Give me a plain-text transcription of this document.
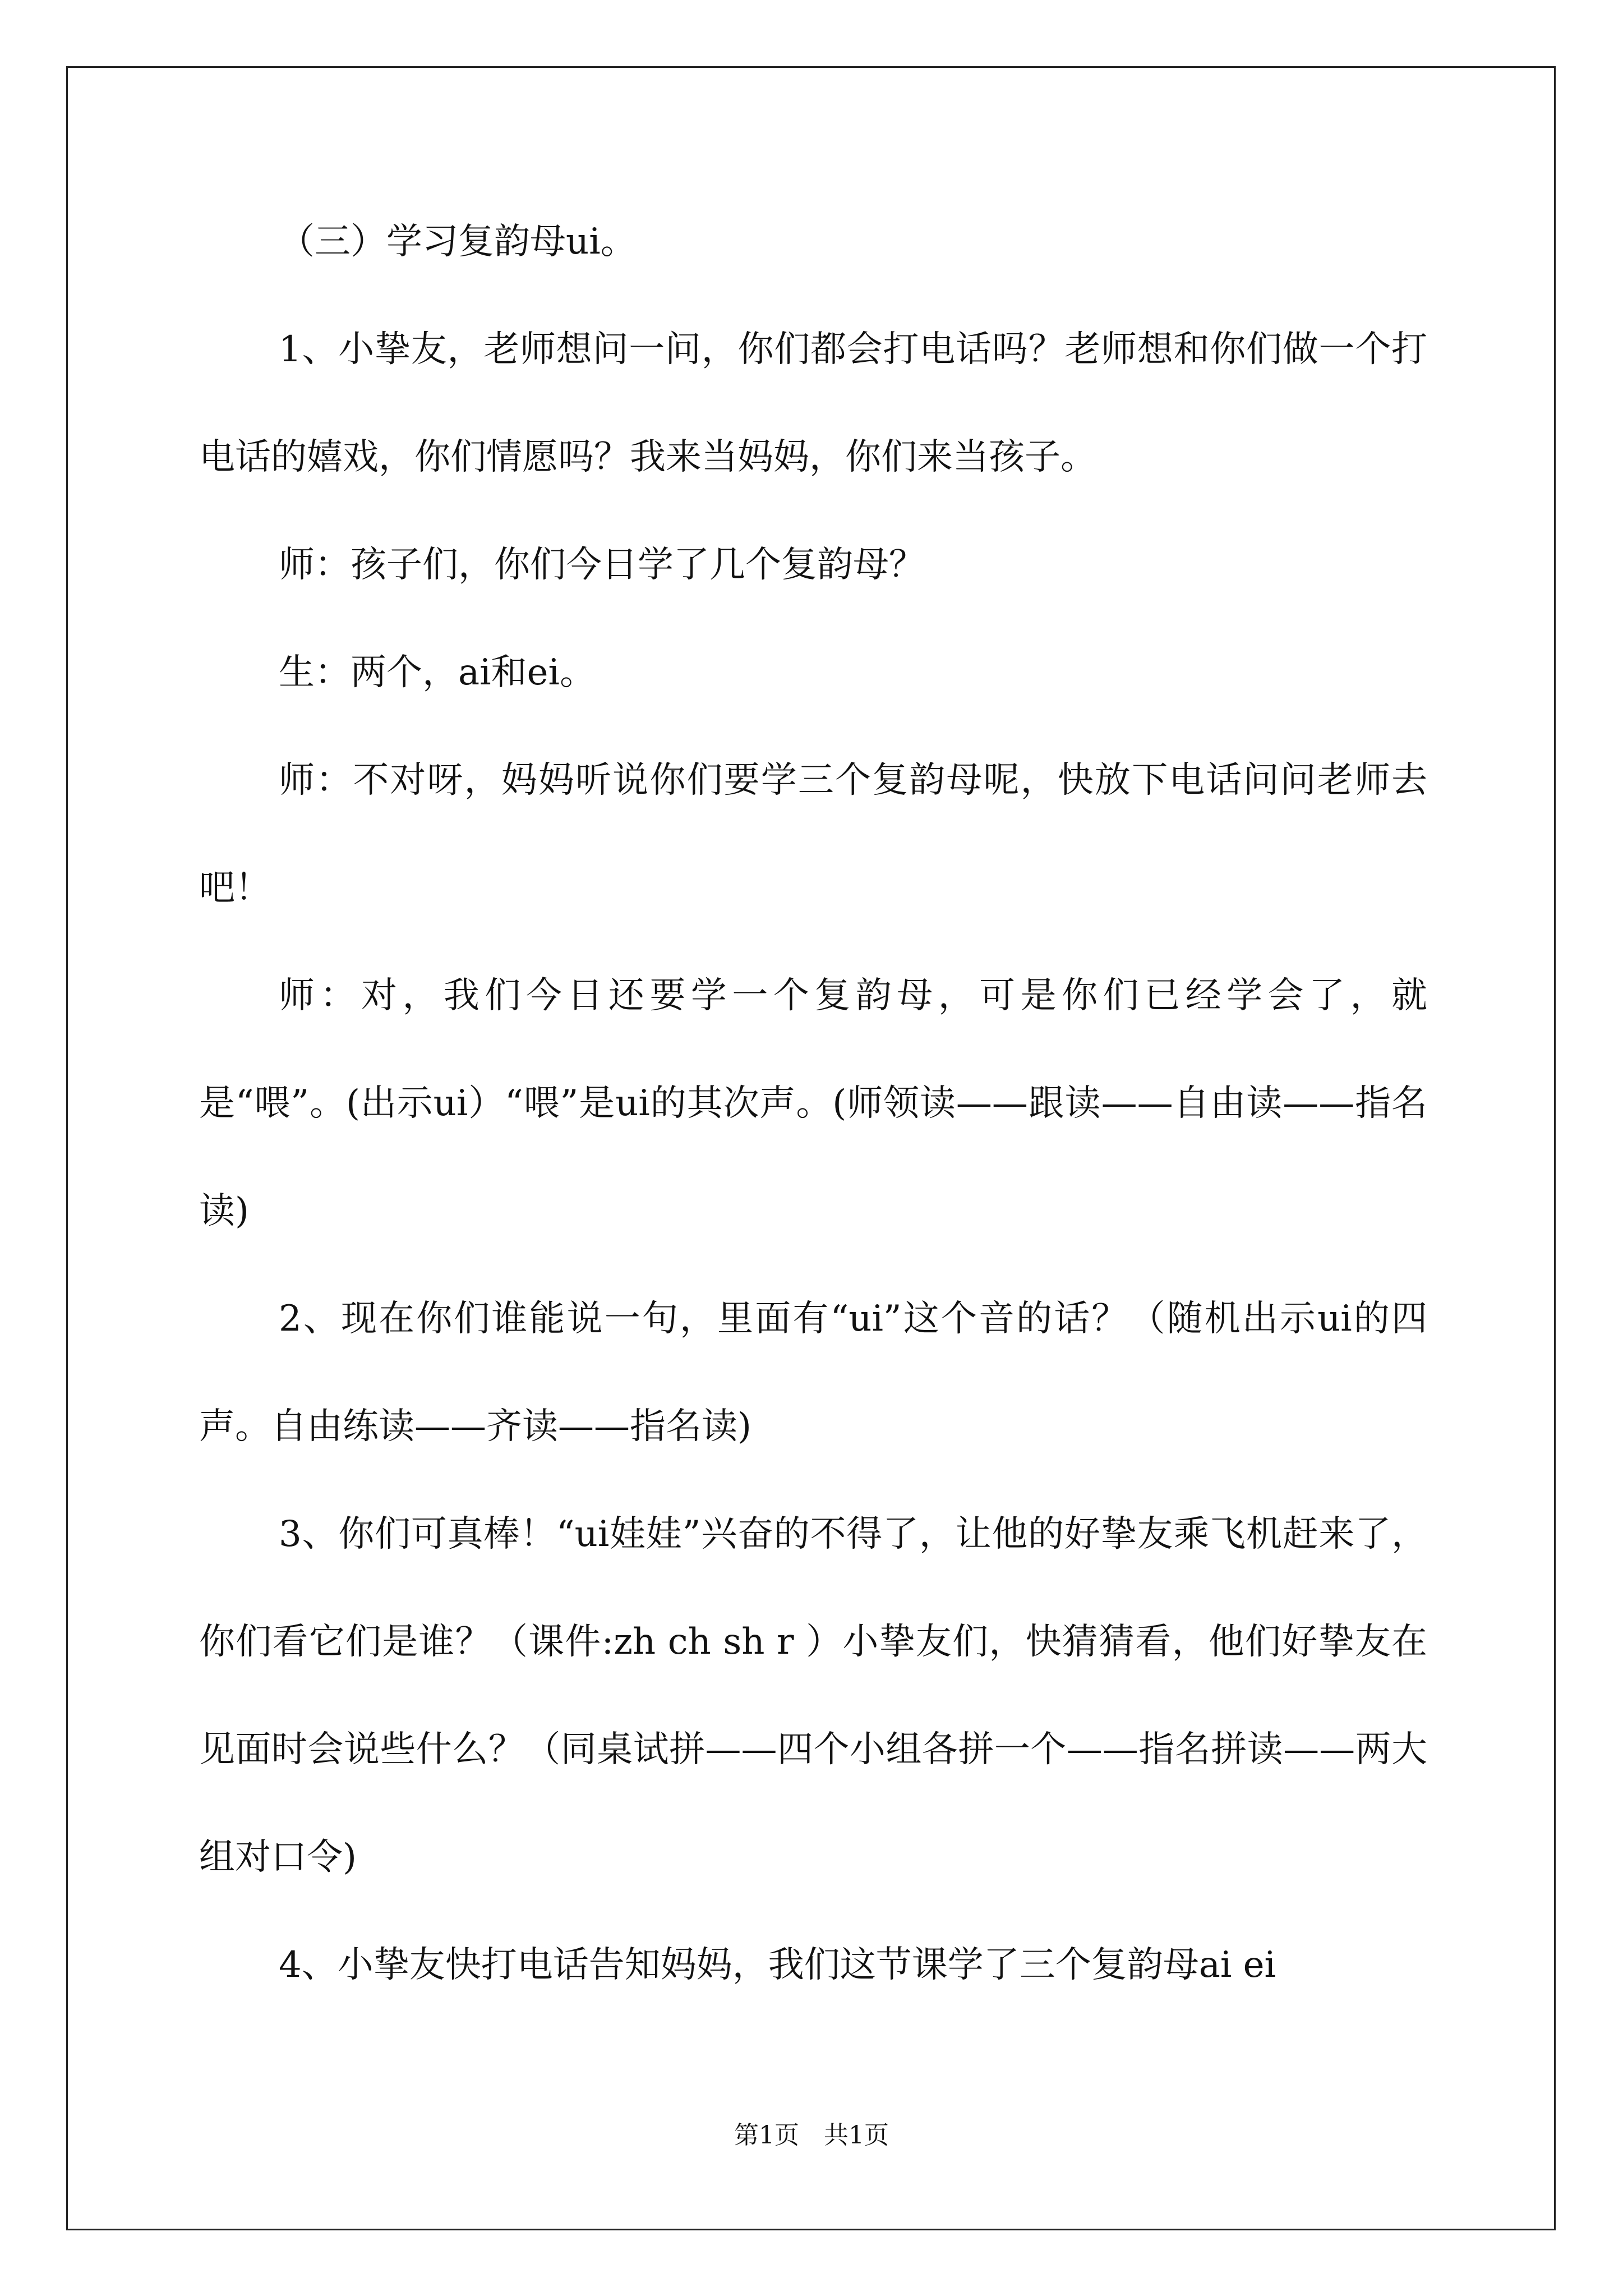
（三）学习复韵母ui。

1、小挚友，老师想问一问，你们都会打电话吗？老师想和你们做一个打电话的嬉戏，你们情愿吗？我来当妈妈，你们来当孩子。

师：孩子们，你们今日学了几个复韵母？

生：两个，ai和ei。

师：不对呀，妈妈听说你们要学三个复韵母呢，快放下电话问问老师去吧！

师：对，我们今日还要学一个复韵母，可是你们已经学会了，就是“喂”。(出示ui）“喂”是ui的其次声。(师领读——跟读——自由读——指名读)

2、现在你们谁能说一句，里面有“ui”这个音的话？（随机出示ui的四声。自由练读——齐读——指名读)

3、你们可真棒！“ui娃娃”兴奋的不得了，让他的好挚友乘飞机赶来了，你们看它们是谁？（课件:zh ch sh r ）小挚友们，快猜猜看，他们好挚友在见面时会说些什么？（同桌试拼——四个小组各拼一个——指名拼读——两大组对口令)

4、小挚友快打电话告知妈妈，我们这节课学了三个复韵母ai ei

第1页　共1页
